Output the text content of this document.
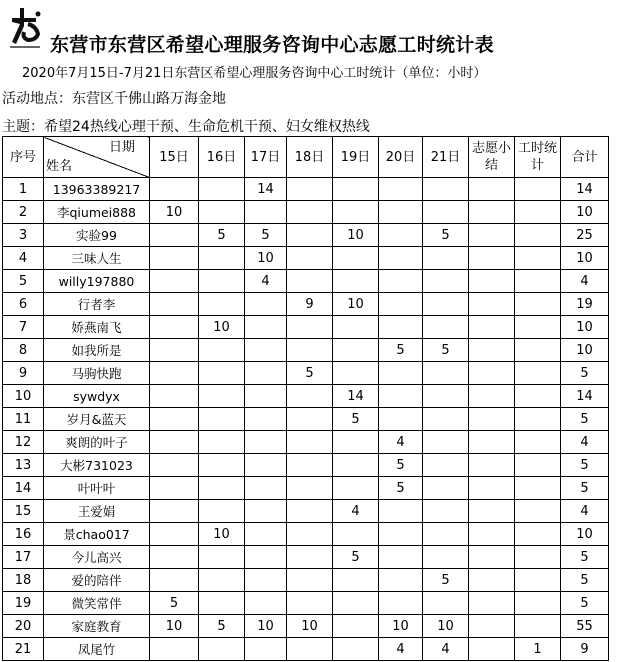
东营市东营区希望心理服务咨询中心志愿工时统计表
2020年7月15日-7月21日东营区希望心理服务咨询中心工时统计（单位：小时）
活动地点：东营区千佛山路万海金地
主题：希望24热线心理干预、生命危机干预、妇女维权热线
序号	日期
姓名	15日	16日	17日	18日	19日	20日	21日	志愿小结	工时统计	合计
1	13963389217			14							14
2	李qiumei888	10									10
3	实验99		5	5		10		5			25
4	三味人生			10							10
5	willy197880			4							4
6	行者李				9	10					19
7	娇燕南飞		10								10
8	如我所是						5	5			10
9	马驹快跑				5						5
10	sywdyx					14					14
11	岁月&蓝天					5					5
12	爽朗的叶子						4				4
13	大彬731023						5				5
14	叶叶叶						5				5
15	王爱娟					4					4
16	景chao017		10								10
17	今儿高兴					5					5
18	爱的陪伴							5			5
19	微笑常伴	5									5
20	家庭教育	10	5	10	10		10	10			55
21	凤尾竹						4	4		1	9
